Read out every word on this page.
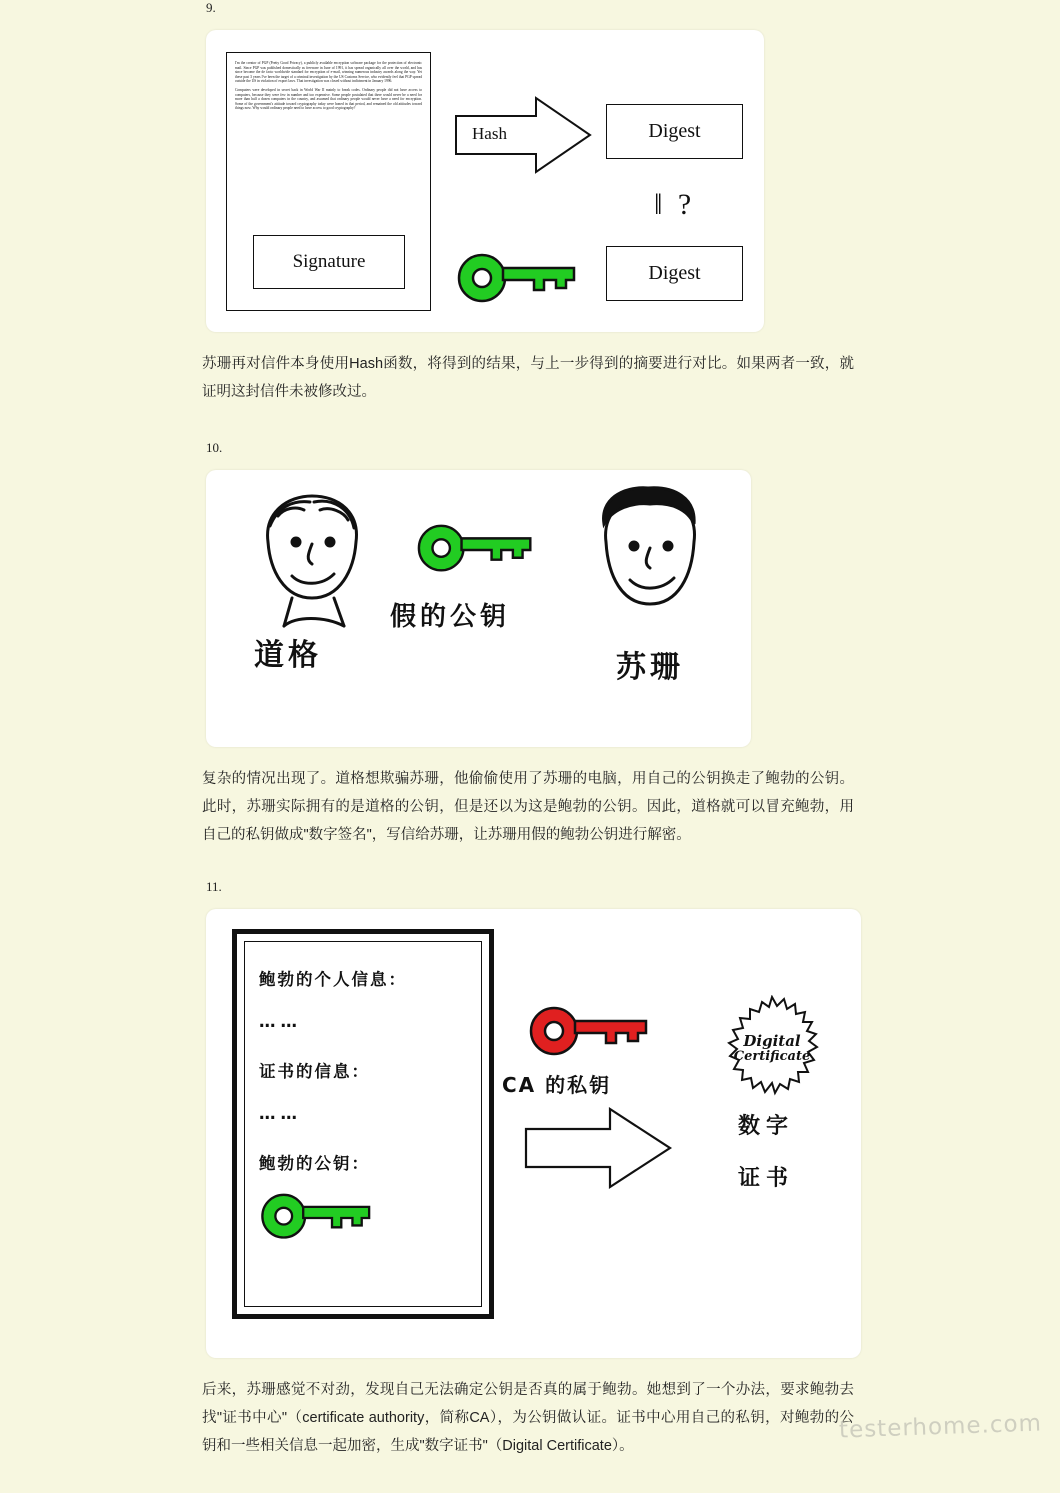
9.

I'm the creator of PGP (Pretty Good Privacy), a publicly available encryption software package for the protection of electronic mail. Since PGP was published domestically as freeware in June of 1991, it has spread organically all over the world, and has since become the de facto worldwide standard for encryption of e-mail, winning numerous industry awards along the way. Yet these past 3 years I've been the target of a criminal investigation by the US Customs Service, who evidently feel that PGP spread outside the US in violation of export laws. That investigation was closed without indictment in January 1996.

Computers were developed in secret back in World War II mainly to break codes. Ordinary people did not have access to computers, because they were few in number and too expensive. Some people postulated that there would never be a need for more than half a dozen computers in the country, and assumed that ordinary people would never have a need for encryption. Some of the government's attitude toward cryptography today were honed in that period, and remained the old attitudes toward things now. Why would ordinary people need to have access to good cryptography?

Signature
Hash	Digest
Digest
‖ ?
苏珊再对信件本身使用Hash函数，将得到的结果，与上一步得到的摘要进行对比。如果两者一致，就证明这封信件未被修改过。
10.
假的公钥
道格	苏珊
复杂的情况出现了。道格想欺骗苏珊，他偷偷使用了苏珊的电脑，用自己的公钥换走了鲍勃的公钥。此时，苏珊实际拥有的是道格的公钥，但是还以为这是鲍勃的公钥。因此，道格就可以冒充鲍勃，用自己的私钥做成"数字签名"，写信给苏珊，让苏珊用假的鲍勃公钥进行解密。
11.
鲍勃的个人信息：
……
证书的信息：
……
鲍勃的公钥：
CA 的私钥
Digital
Certificate
数字
证书
后来，苏珊感觉不对劲，发现自己无法确定公钥是否真的属于鲍勃。她想到了一个办法，要求鲍勃去找"证书中心"（certificate authority，简称CA），为公钥做认证。证书中心用自己的私钥，对鲍勃的公钥和一些相关信息一起加密，生成"数字证书"（Digital Certificate）。
testerhome.com
